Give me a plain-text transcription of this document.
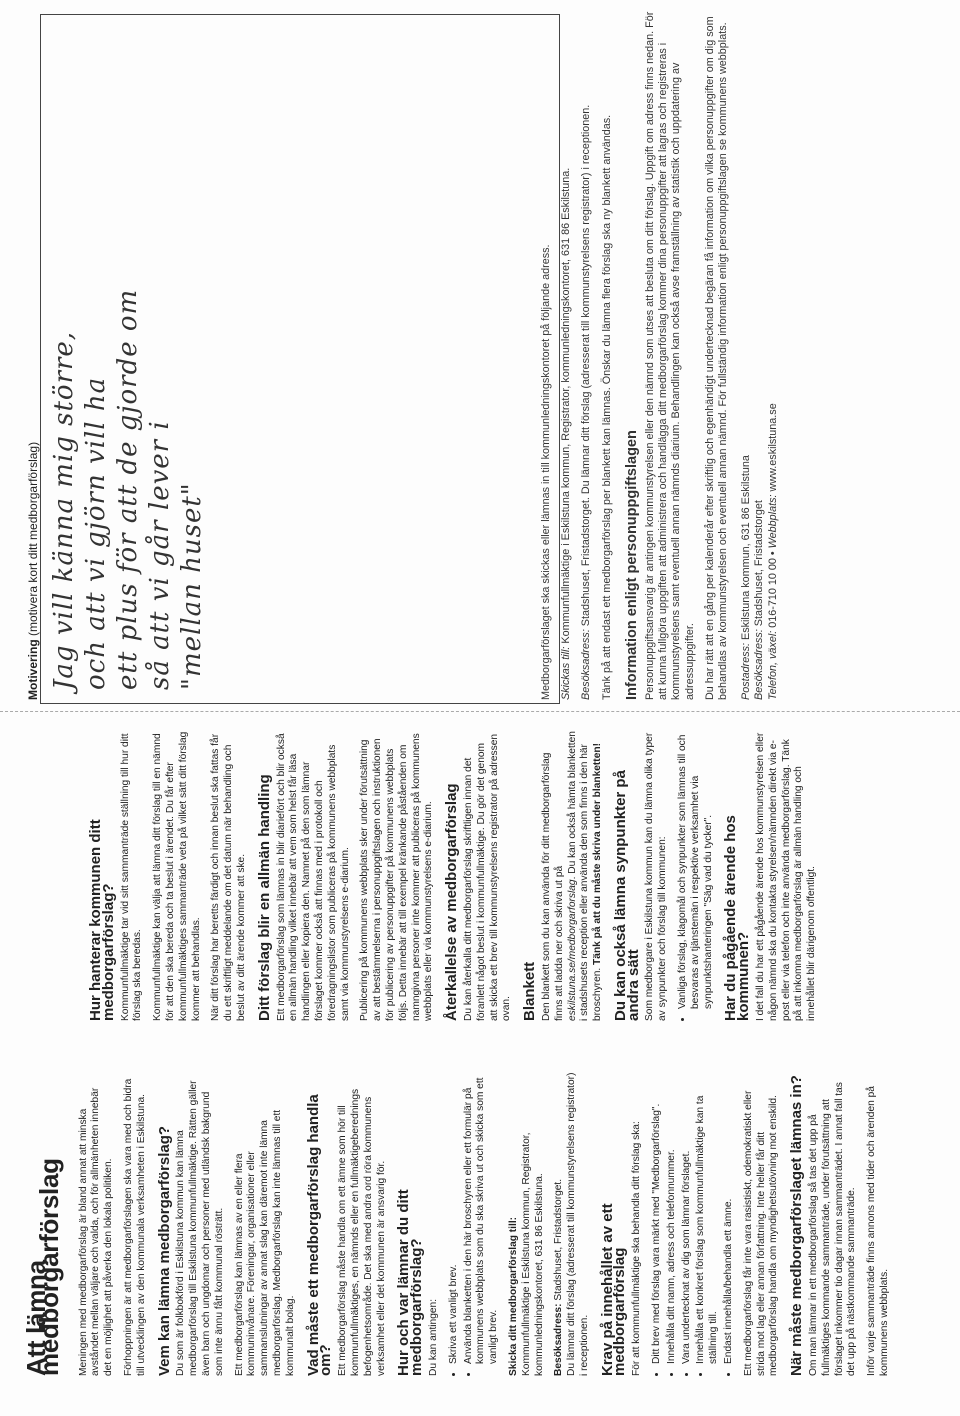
Att lämna medborgarförslag Meningen med medborgarförslag är bland annat att minska avståndet mellan väljare och valda, och för allmänheten innebär det en möjlighet att påverka den lokala politiken. Förhoppningen är att medborgarförslagen ska vara med och bidra till utvecklingen av den kommunala verksamheten i Eskilstuna. Vem kan lämna medborgarförslag? Du som är folkbokförd i Eskilstuna kommun kan lämna medborgarförslag till Eskilstuna kommunfullmäktige. Rätten gäller även barn och ungdomar och personer med utländsk bakgrund som inte ännu fått kommunal rösträtt. Ett medborgarförslag kan lämnas av en eller flera kommuninvånare. Föreningar, organisationer eller sammanslutningar av annat slag kan däremot inte lämna medborgarförslag. Medborgarförslag kan inte lämnas till ett kommunalt bolag. Vad måste ett medborgarförslag handla om? Ett medborgarförslag måste handla om ett ämne som hör till kommunfullmäktiges, en nämnds eller en fullmäktigeberednings befogenhetsområde. Det ska med andra ord röra kommunens verksamhet eller det kommunen är ansvarig för. Hur och var lämnar du ditt medborgarförslag? Du kan antingen: • Skriva ett vanligt brev. • Använda blanketten i den här broschyren eller ett formulär på kommunens webbplats som du ska skriva ut och skicka som ett vanligt brev. Skicka ditt medborgarförslag till: Kommunfullmäktige i Eskilstuna kommun, Registrator, kommunledningskontoret, 631 86 Eskilstuna. Besöksadress: Stadshuset, Fristadstorget. Du lämnar ditt förslag (adresserat till kommunstyrelsens registrator) i receptionen. Krav på innehållet av ett medborgarförslag För att kommunfullmäktige ska behandla ditt förslag ska: • Ditt brev med förslag vara märkt med "Medborgarförslag". • Innehålla ditt namn, adress och telefonnummer. • Vara undertecknat av dig som lämnar förslaget. • Innehålla ett konkret förslag som kommunfullmäktige kan ta ställning till. • Endast innehålla/behandla ett ämne. Ett medborgarförslag får inte vara rasistiskt, odemokratiskt eller strida mot lag eller annan författning. Inte heller får ditt medborgarförslag handla om myndighetsutövning mot enskild. När måste medborgarförslaget lämnas in? Om man lämnar in ett medborgarförslag så tas det upp på fullmäktiges kommande sammanträde, under förutsättning att förslaget inkommer tio dagar innan sammanträdet. I annat fall tas det upp på nästkommande sammanträde. Inför varje sammanträde finns annons med tider och ärenden på kommunens webbplats.

Hur hanterar kommunen ditt medborgarförslag? Kommunfullmäktige tar vid sitt sammanträde ställning till hur ditt förslag ska beredas. Kommunfullmäktige kan välja att lämna ditt förslag till en nämnd för att den ska bereda och ta beslut i ärendet. Du får efter kommunfullmäktiges sammanträde veta på vilket sätt ditt förslag kommer att behandlas. När ditt förslag har beretts färdigt och innan beslut ska fattas får du ett skriftligt meddelande om det datum när behandling och beslut av ditt ärende kommer att ske. Ditt förslag blir en allmän handling Ett medborgarförslag som lämnas in blir diariefört och blir också en allmän handling vilket innebär att vem som helst får läsa handlingen eller kopiera den. Namnet på den som lämnar förslaget kommer också att finnas med i protokoll och föredragningslistor som publiceras på kommunens webbplats samt via kommunstyrelsens e-diarium. Publicering på kommunens webbplats sker under förutsättning av att bestämmelserna i personuppgiftslagen och instruktionen för publicering av personuppgifter på kommunens webbplats följs. Detta innebär att till exempel kränkande påståenden om namngivna personer inte kommer att publiceras på kommunens webbplats eller via kommunstyrelsens e-diarium. Återkallelse av medborgarförslag Du kan återkalla ditt medborgarförslag skriftligen innan det föranlett något beslut i kommunfullmäktige. Du gör det genom att skicka ett brev till kommunstyrelsens registrator på adressen ovan. Blankett Den blankett som du kan använda för ditt medborgarförslag finns att ladda ner och skriva ut på eskilstuna.se/medborgarforslag. Du kan också hämta blanketten i stadshusets reception eller använda den som finns i den här broschyren. Tänk på att du måste skriva under blanketten! Du kan också lämna synpunkter på andra sätt Som medborgare i Eskilstuna kommun kan du lämna olika typer av synpunkter och förslag till kommunen: • Vanliga förslag, klagomål och synpunkter som lämnas till och besvaras av tjänstemän i respektive verksamhet via synpunktshanteringen "Säg vad du tycker". Har du pågående ärende hos kommunen? I det fall du har ett pågående ärende hos kommunstyrelsen eller någon nämnd ska du kontakta styrelsen/nämnden direkt via e-post eller via telefon och inte använda medborgarförslag. Tänk på att inkomna medborgarförslag är allmän handling och innehållet blir därigenom offentligt.

Motivering (motivera kort ditt medborgarförslag) Jag vill känna mig större, och att vi gjörn vill ha ett plus för att de gjorde om så att vi går lever i "mellan huset"	Medborgarförslaget ska skickas eller lämnas in till kommunledningskontoret på följande adress. Skickas till: Kommunfullmäktige i Eskilstuna kommun, Registrator, kommunledningskontoret, 631 86 Eskilstuna.

Besöksadress: Stadshuset, Fristadstorget. Du lämnar ditt förslag (adresserat till kommunstyrelsens registrator) i receptionen. Tänk på att endast ett medborgarförslag per blankett kan lämnas. Önskar du lämna flera förslag ska ny blankett användas. Information enligt personuppgiftslagen Personuppgiftsansvarig är antingen kommunstyrelsen eller den nämnd som utses att besluta om ditt förslag. Uppgift om adress finns nedan. För att kunna fullgöra uppgiften att administrera och handlägga ditt medborgarförslag kommer dina personuppgifter att lagras och registreras i kommunstyrelsens samt eventuell annan nämnds diarium. Behandlingen kan också avse framställning av statistik och uppdatering av adressuppgifter. Du har rätt att en gång per kalenderår efter skriftlig och egenhändigt undertecknad begäran få information om vilka personuppgifter om dig som behandlas av kommunstyrelsen och eventuell annan nämnd. För fullständig information enligt personuppgiftslagen se kommunens webbplats. Postadress: Eskilstuna kommun, 631 86 Eskilstuna
Besöksadress: Stadshuset, Fristadstorget
Telefon, växel: 016-710 10 00 • Webbplats: www.eskilstuna.se
